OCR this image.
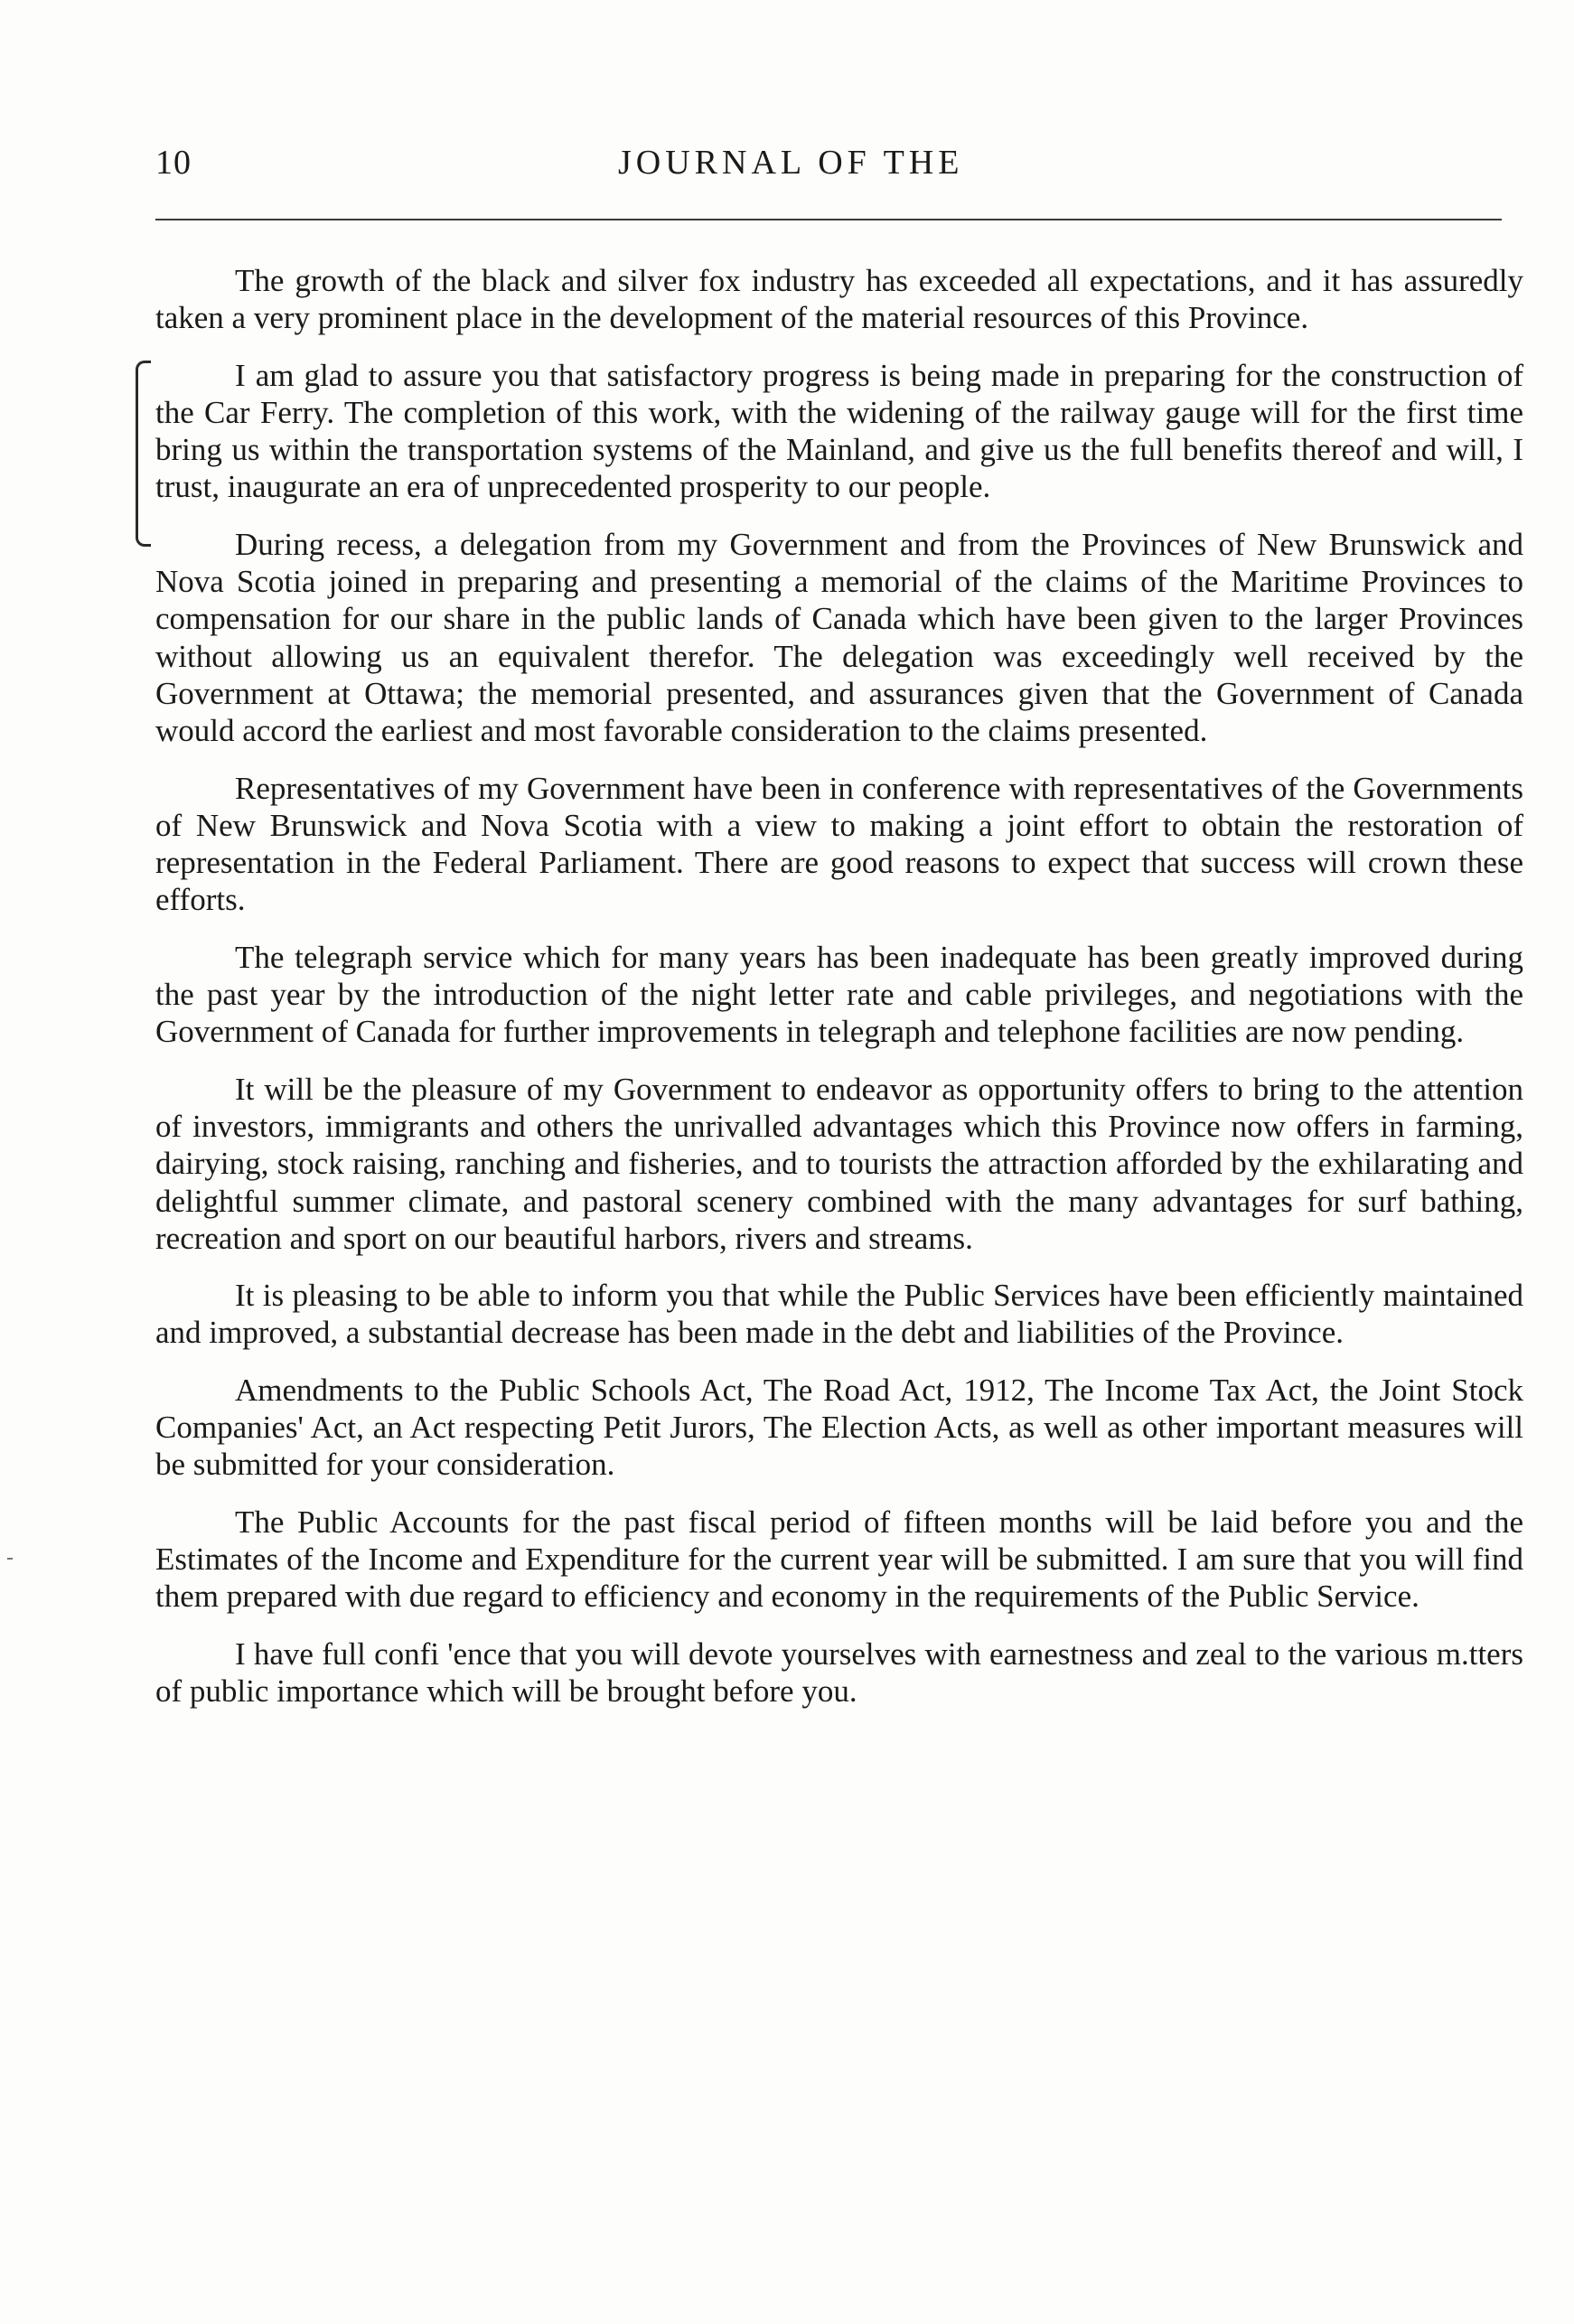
10	JOURNAL OF THE

The growth of the black and silver fox industry has exceeded all expectations, and it has assuredly taken a very prominent place in the development of the material resources of this Province.

I am glad to assure you that satisfactory progress is being made in preparing for the construction of the Car Ferry. The completion of this work, with the widening of the railway gauge will for the first time bring us within the transportation systems of the Mainland, and give us the full benefits thereof and will, I trust, inaugurate an era of unprecedented prosperity to our people.

During recess, a delegation from my Government and from the Provinces of New Brunswick and Nova Scotia joined in preparing and presenting a memorial of the claims of the Maritime Provinces to compensation for our share in the public lands of Canada which have been given to the larger Provinces without allowing us an equivalent therefor. The delegation was exceedingly well received by the Government at Ottawa; the memorial presented, and assurances given that the Government of Canada would accord the earliest and most favorable consideration to the claims presented.

Representatives of my Government have been in conference with representatives of the Governments of New Brunswick and Nova Scotia with a view to making a joint effort to obtain the restoration of representation in the Federal Parliament. There are good reasons to expect that success will crown these efforts.

The telegraph service which for many years has been inadequate has been greatly improved during the past year by the introduction of the night letter rate and cable privileges, and negotiations with the Government of Canada for further improvements in telegraph and telephone facilities are now pending.

It will be the pleasure of my Government to endeavor as opportunity offers to bring to the attention of investors, immigrants and others the unrivalled advantages which this Province now offers in farming, dairying, stock raising, ranching and fisheries, and to tourists the attraction afforded by the exhilarating and delightful summer climate, and pastoral scenery combined with the many advantages for surf bathing, recreation and sport on our beautiful harbors, rivers and streams.

It is pleasing to be able to inform you that while the Public Services have been efficiently maintained and improved, a substantial decrease has been made in the debt and liabilities of the Province.

Amendments to the Public Schools Act, The Road Act, 1912, The Income Tax Act, the Joint Stock Companies' Act, an Act respecting Petit Jurors, The Election Acts, as well as other important measures will be submitted for your consideration.

The Public Accounts for the past fiscal period of fifteen months will be laid before you and the Estimates of the Income and Expenditure for the current year will be submitted. I am sure that you will find them prepared with due regard to efficiency and economy in the requirements of the Public Service.

I have full confi 'ence that you will devote yourselves with earnestness and zeal to the various m.tters of public importance which will be brought before you.
